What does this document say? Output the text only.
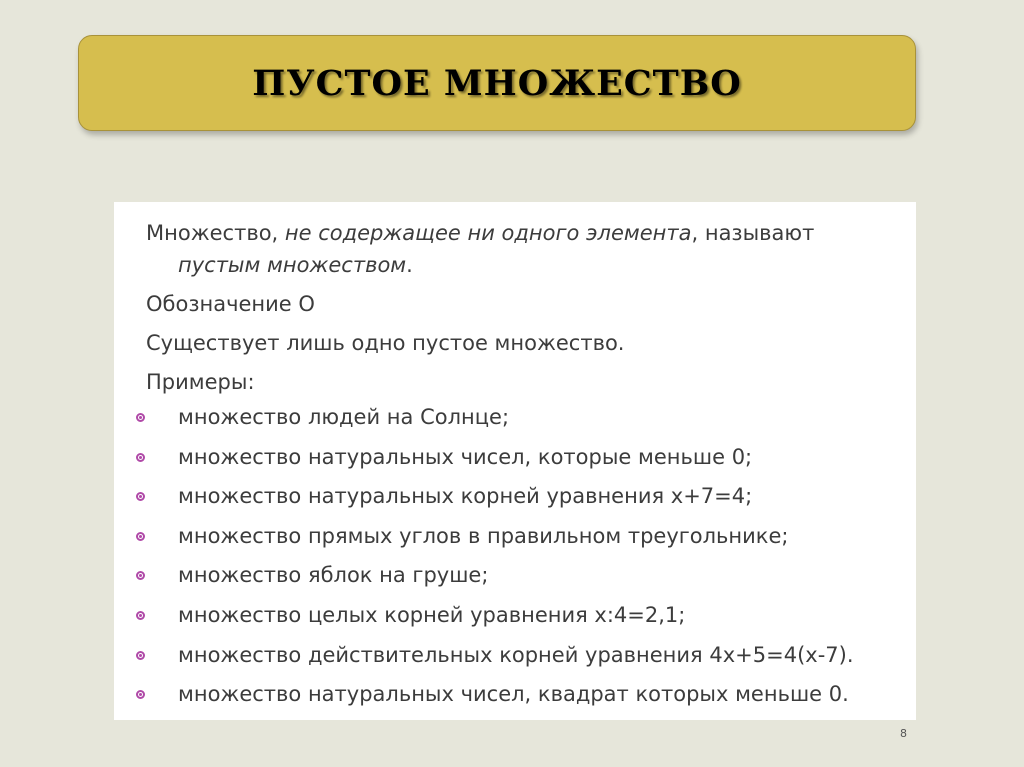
ПУСТОЕ МНОЖЕСТВО

Множество, не содержащее ни одного элемента, называют
пустым множеством.

Обозначение О

Существует лишь одно пустое множество.

Примеры:

множество людей на Солнце;
множество натуральных чисел, которые меньше 0;
множество натуральных корней уравнения х+7=4;
множество прямых углов в правильном треугольнике;
множество яблок на груше;
множество целых корней уравнения х:4=2,1;
множество действительных корней уравнения 4х+5=4(х-7).
множество натуральных чисел, квадрат которых меньше 0.
8
